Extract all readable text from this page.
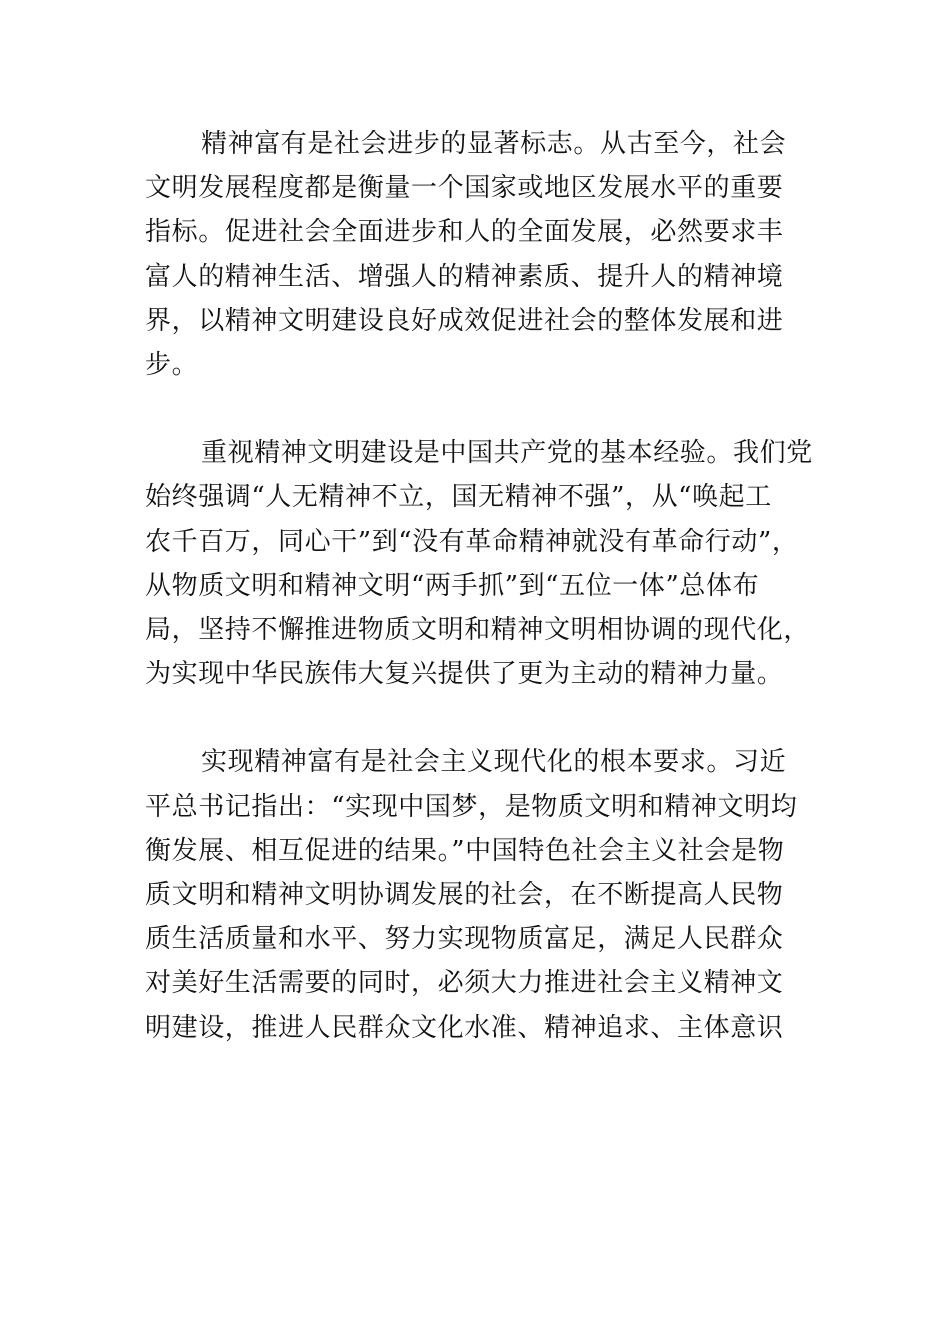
精神富有是社会进步的显著标志。从古至今，社会
文明发展程度都是衡量一个国家或地区发展水平的重要
指标。促进社会全面进步和人的全面发展，必然要求丰
富人的精神生活、增强人的精神素质、提升人的精神境
界，以精神文明建设良好成效促进社会的整体发展和进
步。

重视精神文明建设是中国共产党的基本经验。我们党
始终强调“人无精神不立，国无精神不强”，从“唤起工
农千百万，同心干”到“没有革命精神就没有革命行动”，
从物质文明和精神文明“两手抓”到“五位一体”总体布
局，坚持不懈推进物质文明和精神文明相协调的现代化，
为实现中华民族伟大复兴提供了更为主动的精神力量。

实现精神富有是社会主义现代化的根本要求。习近
平总书记指出：“实现中国梦，是物质文明和精神文明均
衡发展、相互促进的结果。”中国特色社会主义社会是物
质文明和精神文明协调发展的社会，在不断提高人民物
质生活质量和水平、努力实现物质富足，满足人民群众
对美好生活需要的同时，必须大力推进社会主义精神文
明建设，推进人民群众文化水准、精神追求、主体意识
